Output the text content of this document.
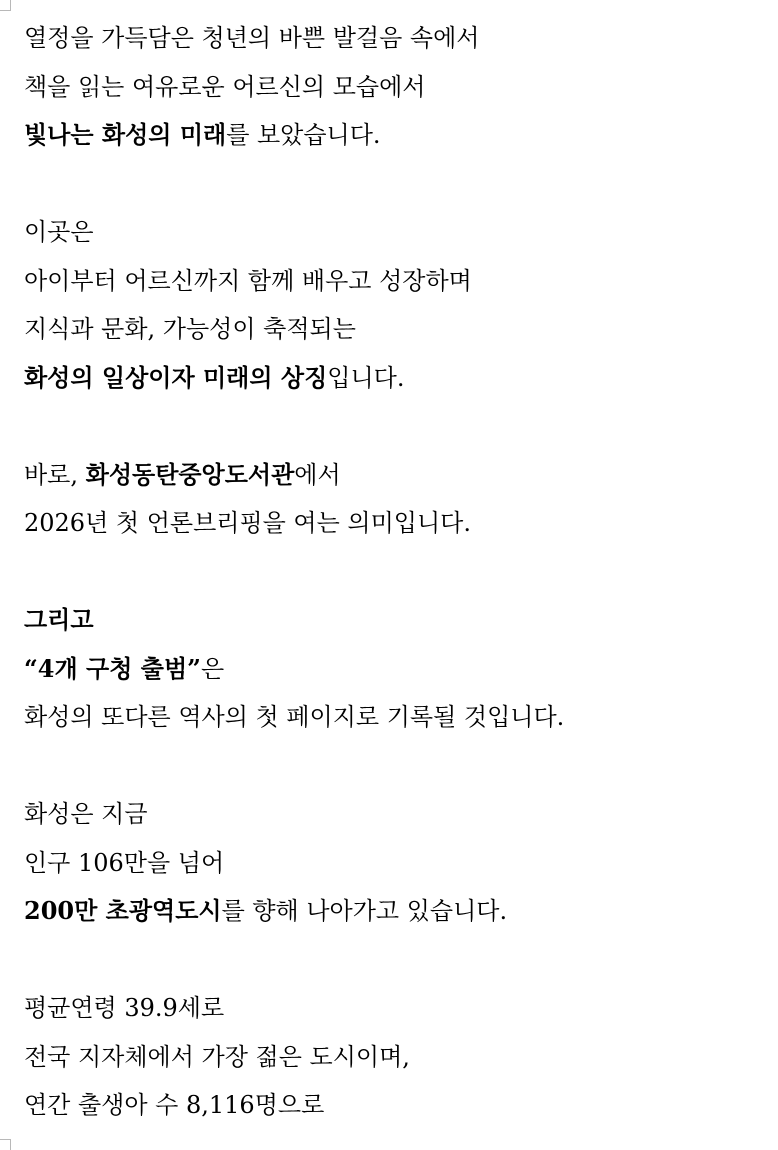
열정을 가득담은 청년의 바쁜 발걸음 속에서
책을 읽는 여유로운 어르신의 모습에서
빛나는 화성의 미래를 보았습니다.
이곳은
아이부터 어르신까지 함께 배우고 성장하며
지식과 문화, 가능성이 축적되는
화성의 일상이자 미래의 상징입니다.
바로, 화성동탄중앙도서관에서
2026년 첫 언론브리핑을 여는 의미입니다.
그리고
“4개 구청 출범”은
화성의 또다른 역사의 첫 페이지로 기록될 것입니다.
화성은 지금
인구 106만을 넘어
200만 초광역도시를 향해 나아가고 있습니다.
평균연령 39.9세로
전국 지자체에서 가장 젊은 도시이며,
연간 출생아 수 8,116명으로
